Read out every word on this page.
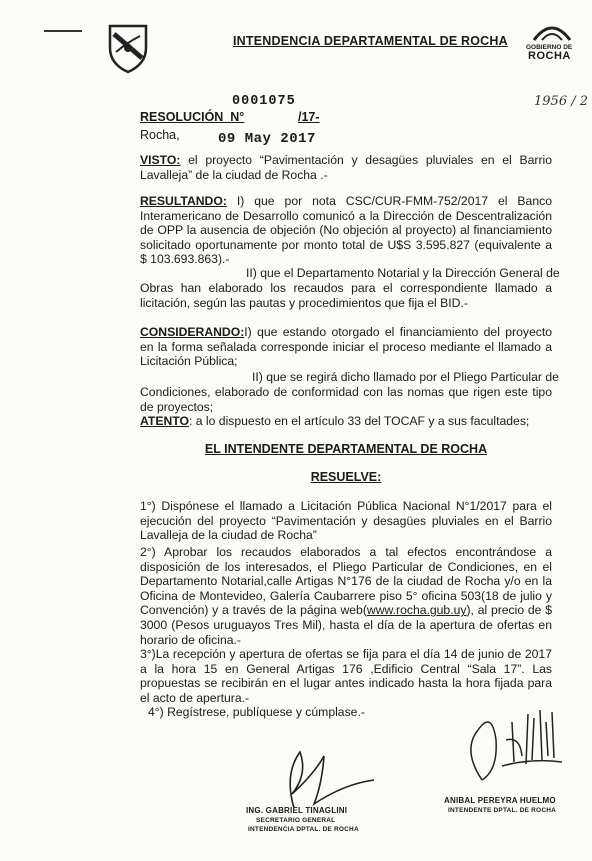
INTENDENCIA DEPARTAMENTAL DE ROCHA	GOBIERNO DE
ROCHA
1956 / 2
RESOLUCIÓN  N°
0001075
/17-
Rocha,	09 May 2017
VISTO: el proyecto “Pavimentación y desagües pluviales en el Barrio Lavalleja” de la ciudad de Rocha .-
RESULTANDO: I) que por nota CSC/CUR-FMM-752/2017 el Banco Interamericano de Desarrollo comunicó a la Dirección de Descentralización de OPP la ausencia de objeción (No objeción al proyecto) al financiamiento solicitado oportunamente por monto total de U$S 3.595.827 (equivalente a $ 103.693.863).-
II) que el Departamento Notarial y la Dirección General de
Obras han elaborado los recaudos para el correspondiente llamado a licitación, según las pautas y procedimientos que fija el BID.-
CONSIDERANDO:I) que estando otorgado el financiamiento del proyecto en la forma señalada corresponde iniciar el proceso mediante el llamado a Licitación Pública;
II) que se regirá dicho llamado por el Pliego Particular de
Condiciones, elaborado de conformidad con las nomas que rigen este tipo de proyectos;
ATENTO: a lo dispuesto en el artículo 33 del TOCAF y a sus facultades;
EL INTENDENTE DEPARTAMENTAL DE ROCHA
RESUELVE:
1°) Dispónese el llamado a Licitación Pública Nacional N°1/2017 para el ejecución del proyecto “Pavimentación y desagües pluviales en el Barrio Lavalleja de la ciudad de Rocha”
2°) Aprobar los recaudos elaborados a tal efectos encontrándose a disposición de los interesados, el Pliego Particular de Condiciones, en el Departamento Notarial,calle Artigas N°176 de la ciudad de Rocha y/o en la Oficina de Montevideo, Galería Caubarrere piso 5° oficina 503(18 de julio y Convención) y a través de la página web(www.rocha.gub.uy), al precio de $ 3000 (Pesos uruguayos Tres Mil), hasta el día de la apertura de ofertas en horario de oficina.-
3°)La recepción y apertura de ofertas se fija para el día 14 de junio de 2017 a la hora 15 en General Artigas 176 ,Edificio Central “Sala 17”. Las propuestas se recibirán en el lugar antes indicado hasta la hora fijada para el acto de apertura.-
4°) Regístrese, publíquese y cúmplase.-
ING. GABRIEL TINAGLINI
SECRETARIO GENERAL
INTENDENCIA DPTAL. DE ROCHA
ANIBAL PEREYRA HUELMO
INTENDENTE DPTAL. DE ROCHA
